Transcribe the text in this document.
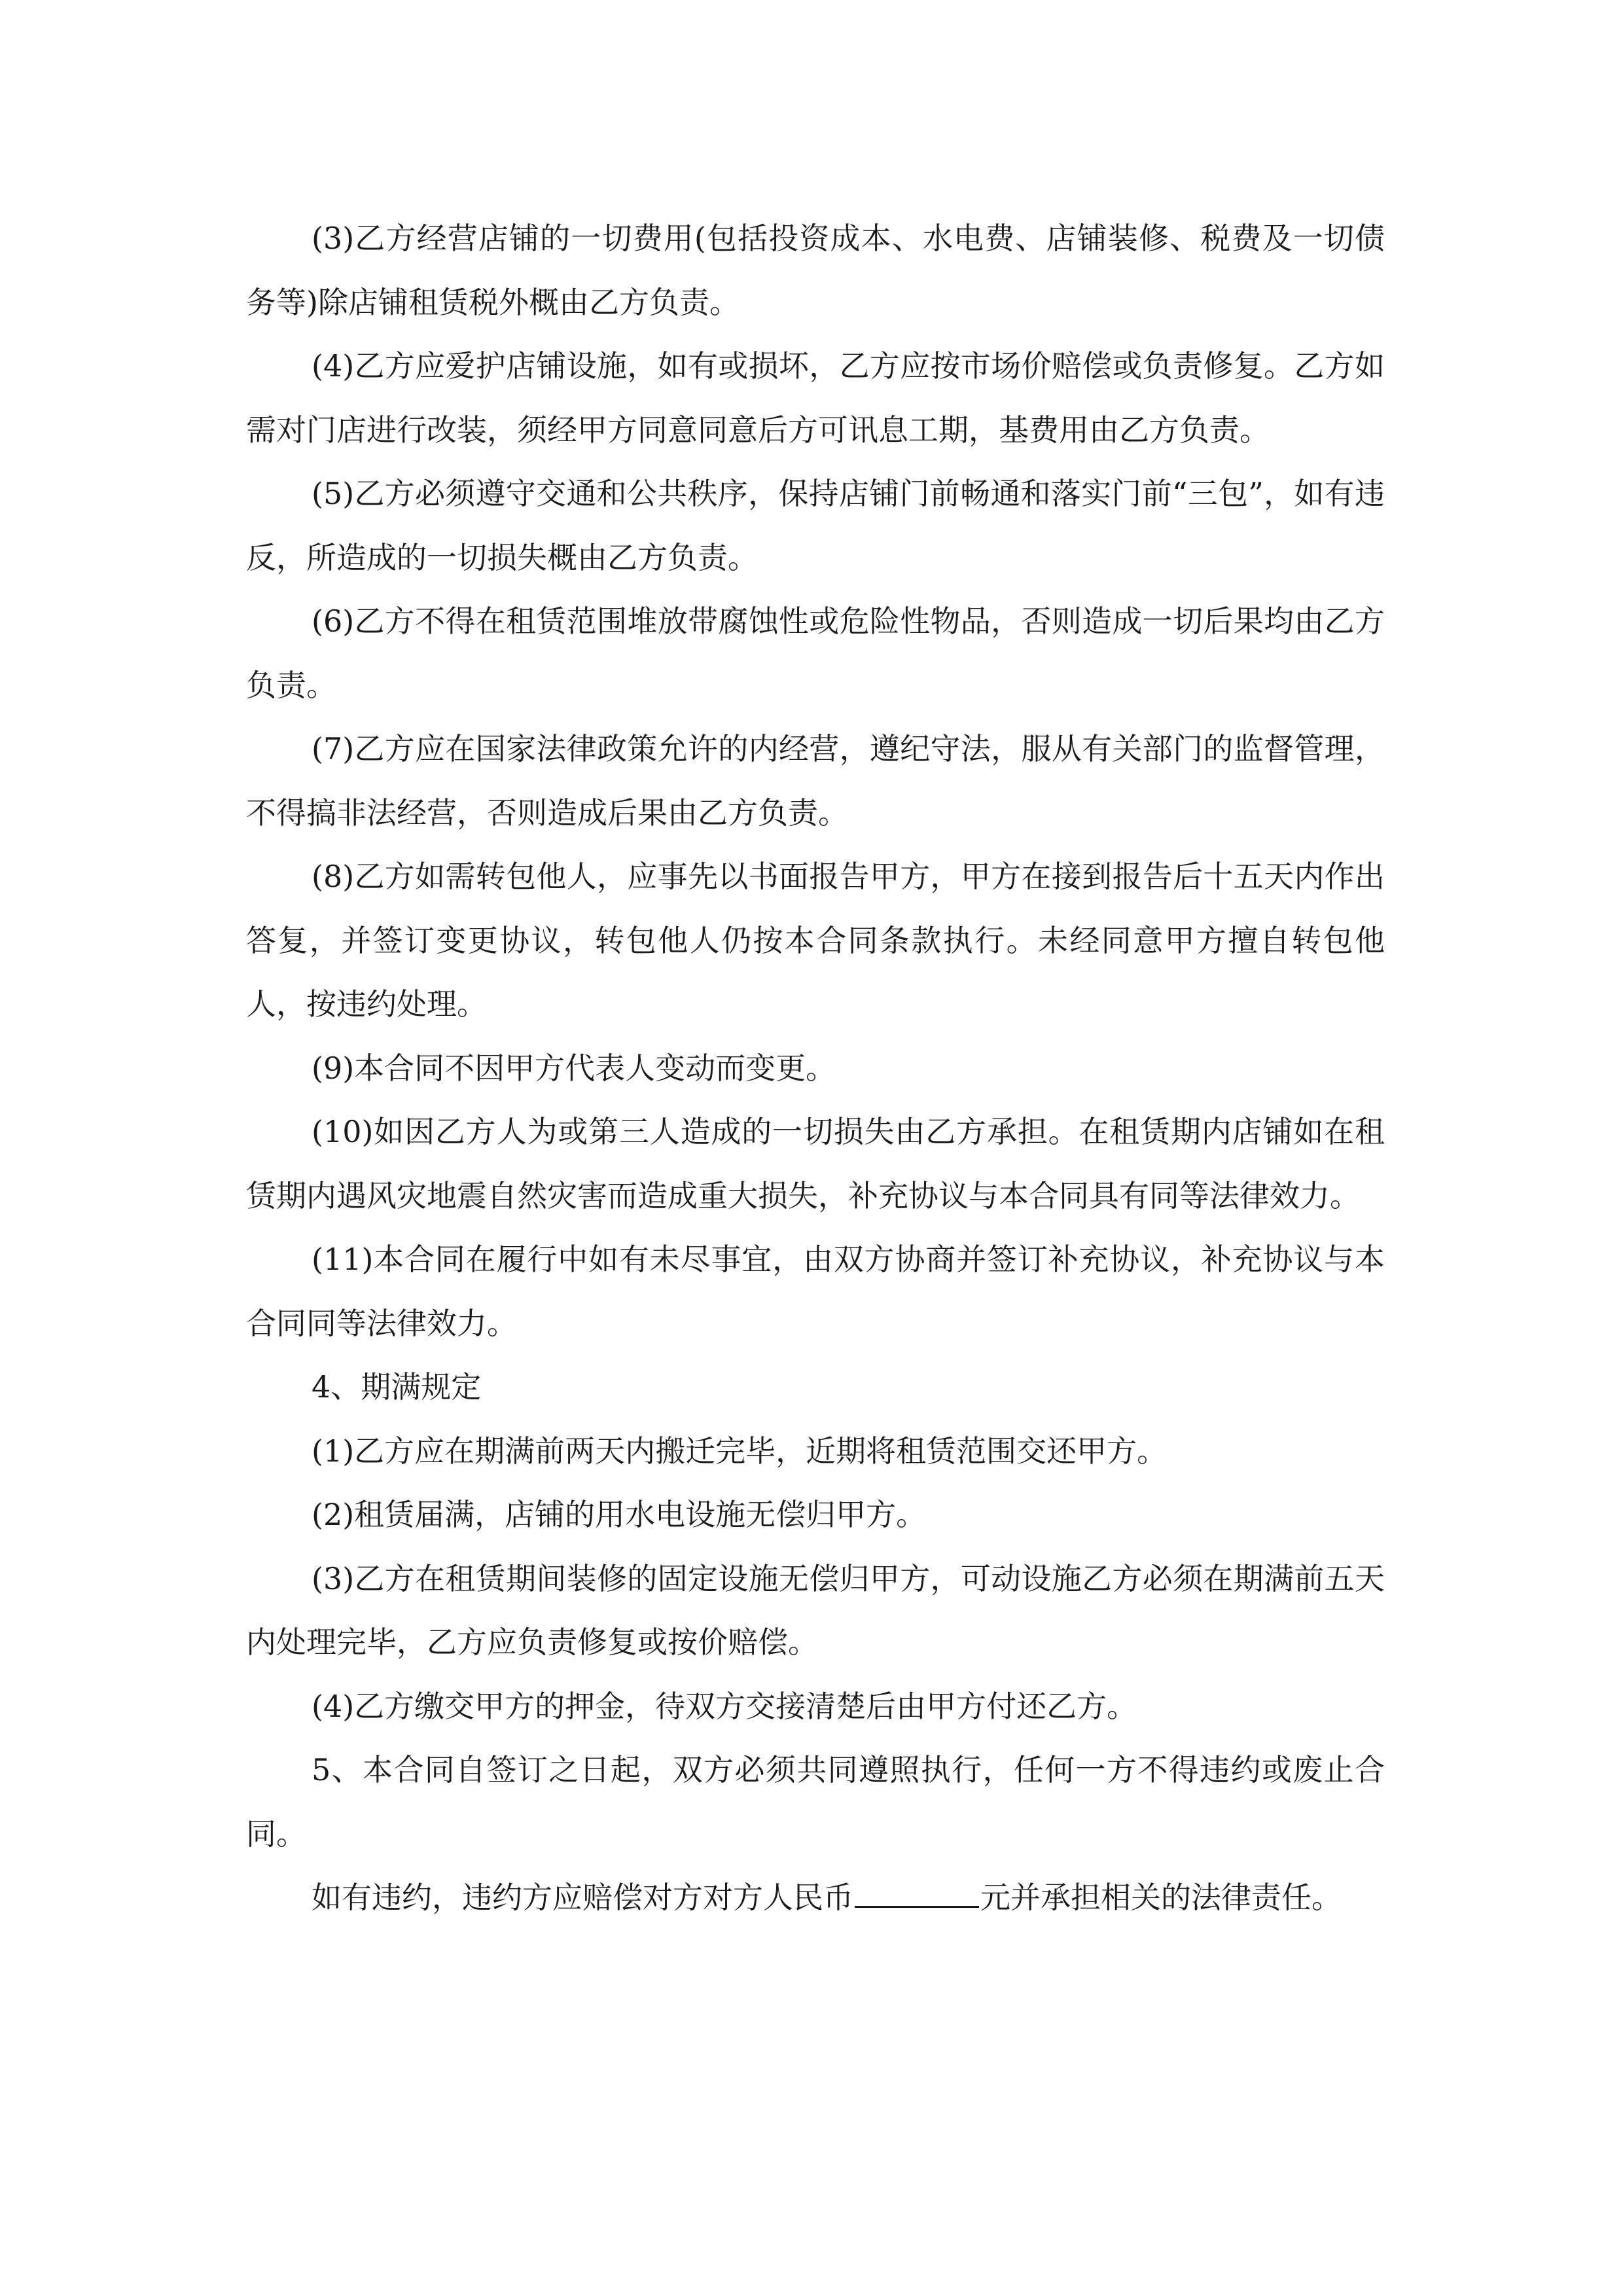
(3)乙方经营店铺的一切费用(包括投资成本、水电费、店铺装修、税费及一切债务等)除店铺租赁税外概由乙方负责。

(4)乙方应爱护店铺设施，如有或损坏，乙方应按市场价赔偿或负责修复。乙方如需对门店进行改装，须经甲方同意同意后方可讯息工期，基费用由乙方负责。

(5)乙方必须遵守交通和公共秩序，保持店铺门前畅通和落实门前“三包”，如有违反，所造成的一切损失概由乙方负责。

(6)乙方不得在租赁范围堆放带腐蚀性或危险性物品，否则造成一切后果均由乙方负责。

(7)乙方应在国家法律政策允许的内经营，遵纪守法，服从有关部门的监督管理，不得搞非法经营，否则造成后果由乙方负责。

(8)乙方如需转包他人，应事先以书面报告甲方，甲方在接到报告后十五天内作出答复，并签订变更协议，转包他人仍按本合同条款执行。未经同意甲方擅自转包他人，按违约处理。

(9)本合同不因甲方代表人变动而变更。

(10)如因乙方人为或第三人造成的一切损失由乙方承担。在租赁期内店铺如在租赁期内遇风灾地震自然灾害而造成重大损失，补充协议与本合同具有同等法律效力。

(11)本合同在履行中如有未尽事宜，由双方协商并签订补充协议，补充协议与本合同同等法律效力。

4、期满规定

(1)乙方应在期满前两天内搬迁完毕，近期将租赁范围交还甲方。

(2)租赁届满，店铺的用水电设施无偿归甲方。

(3)乙方在租赁期间装修的固定设施无偿归甲方，可动设施乙方必须在期满前五天内处理完毕，乙方应负责修复或按价赔偿。

(4)乙方缴交甲方的押金，待双方交接清楚后由甲方付还乙方。

5、本合同自签订之日起，双方必须共同遵照执行，任何一方不得违约或废止合同。

如有违约，违约方应赔偿对方对方人民币	元并承担相关的法律责任。
